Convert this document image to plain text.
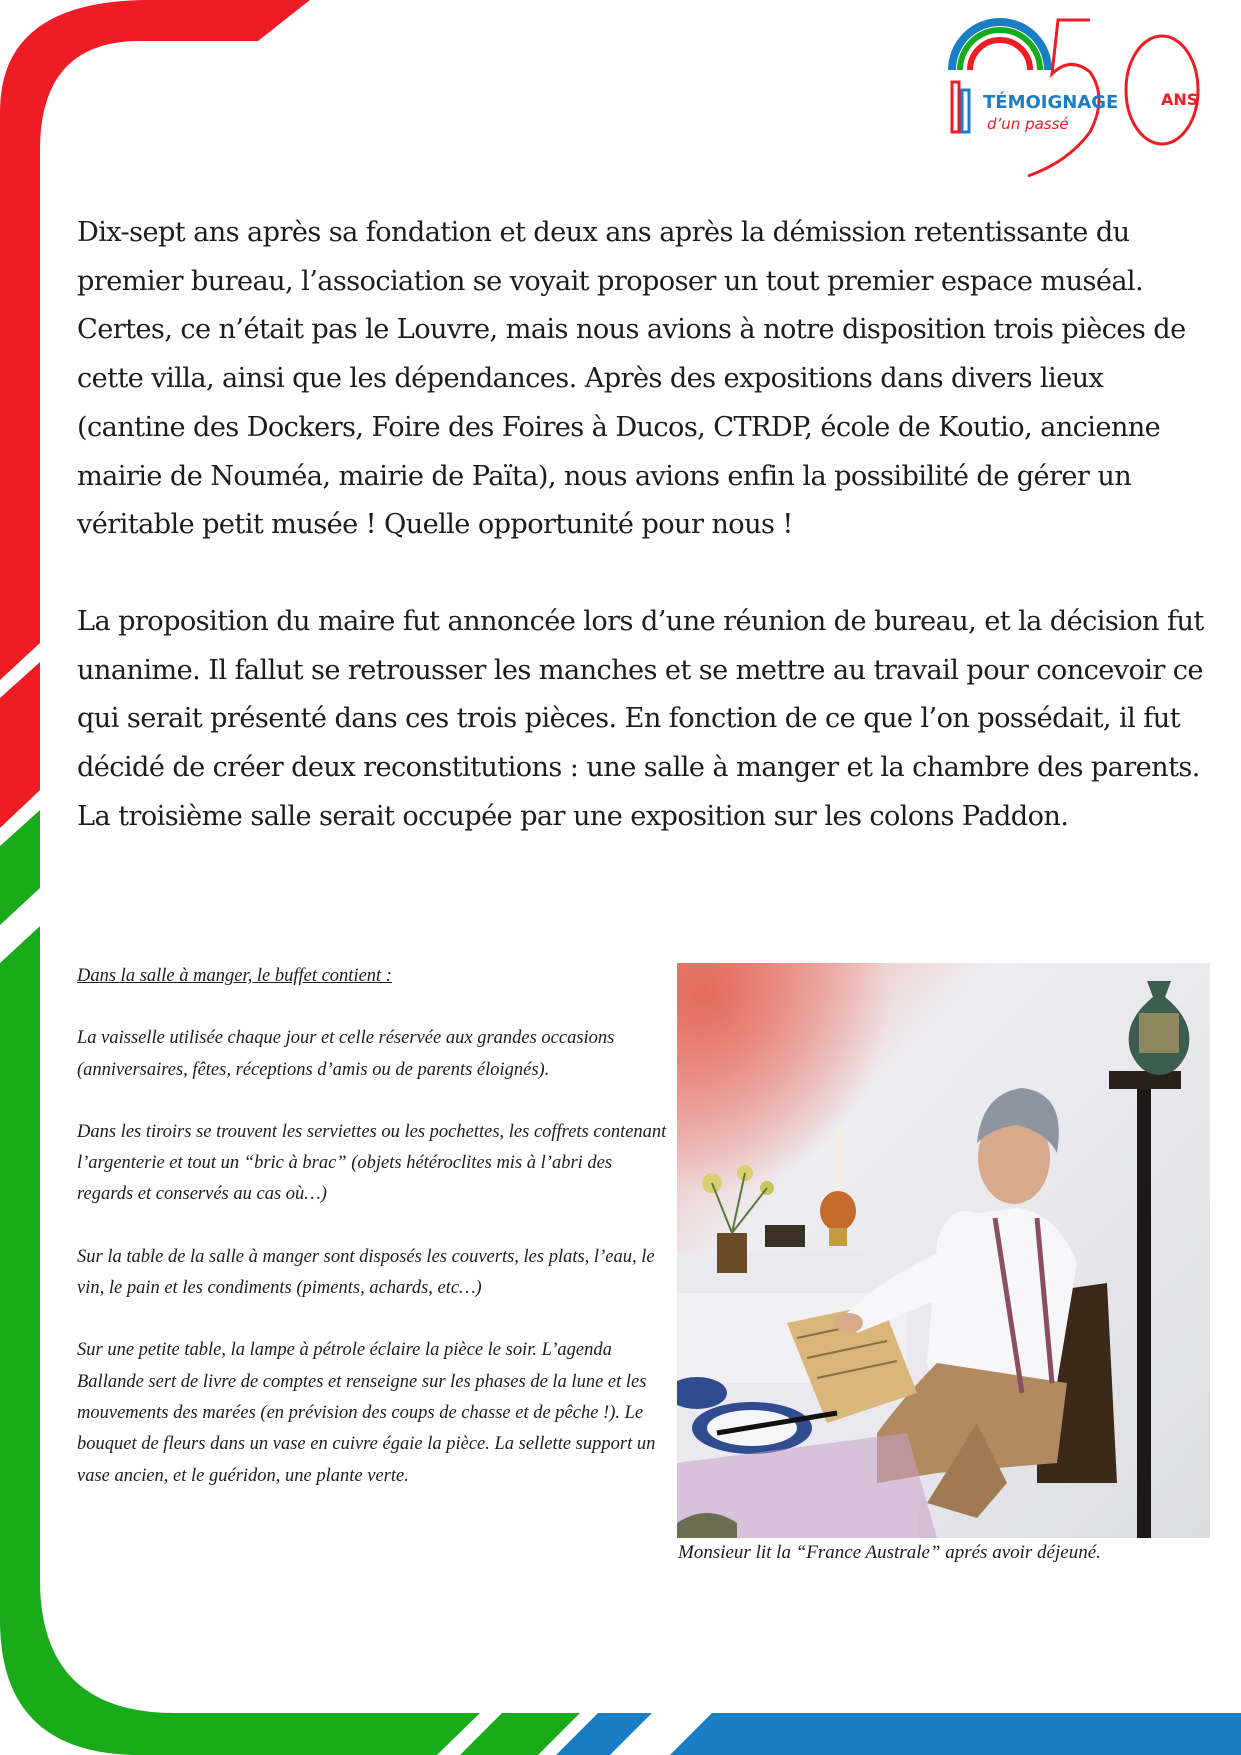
TÉMOIGNAGE
d’un passé
ANS

Dix-sept ans après sa fondation et deux ans après la démission retentissante du premier bureau, l’association se voyait proposer un tout premier espace muséal. Certes, ce n’était pas le Louvre, mais nous avions à notre disposition trois pièces de cette villa, ainsi que les dépendances. Après des expositions dans divers lieux (cantine des Dockers, Foire des Foires à Ducos, CTRDP, école de Koutio, ancienne mairie de Nouméa, mairie de Païta), nous avions enfin la possibilité de gérer un véritable petit musée ! Quelle opportunité pour nous !

La proposition du maire fut annoncée lors d’une réunion de bureau, et la décision fut unanime. Il fallut se retrousser les manches et se mettre au travail pour concevoir ce qui serait présenté dans ces trois pièces. En fonction de ce que l’on possédait, il fut décidé de créer deux reconstitutions : une salle à manger et la chambre des parents. La troisième salle serait occupée par une exposition sur les colons Paddon.

Dans la salle à manger, le buffet contient :

La vaisselle utilisée chaque jour et celle réservée aux grandes occasions (anniversaires, fêtes, réceptions d’amis ou de parents éloignés).

Dans les tiroirs se trouvent les serviettes ou les pochettes, les coffrets contenant l’argenterie et tout un “bric à brac” (objets hétéroclites mis à l’abri des regards et conservés au cas où…)

Sur la table de la salle à manger sont disposés les couverts, les plats, l’eau, le vin, le pain et les condiments (piments, achards, etc…)

Sur une petite table, la lampe à pétrole éclaire la pièce le soir. L’agenda Ballande sert de livre de comptes et renseigne sur les phases de la lune et les mouvements des marées (en prévision des coups de chasse et de pêche !). Le bouquet de fleurs dans un vase en cuivre égaie la pièce. La sellette support un vase ancien, et le guéridon, une plante verte.

Monsieur lit la “France Australe” aprés avoir déjeuné.
